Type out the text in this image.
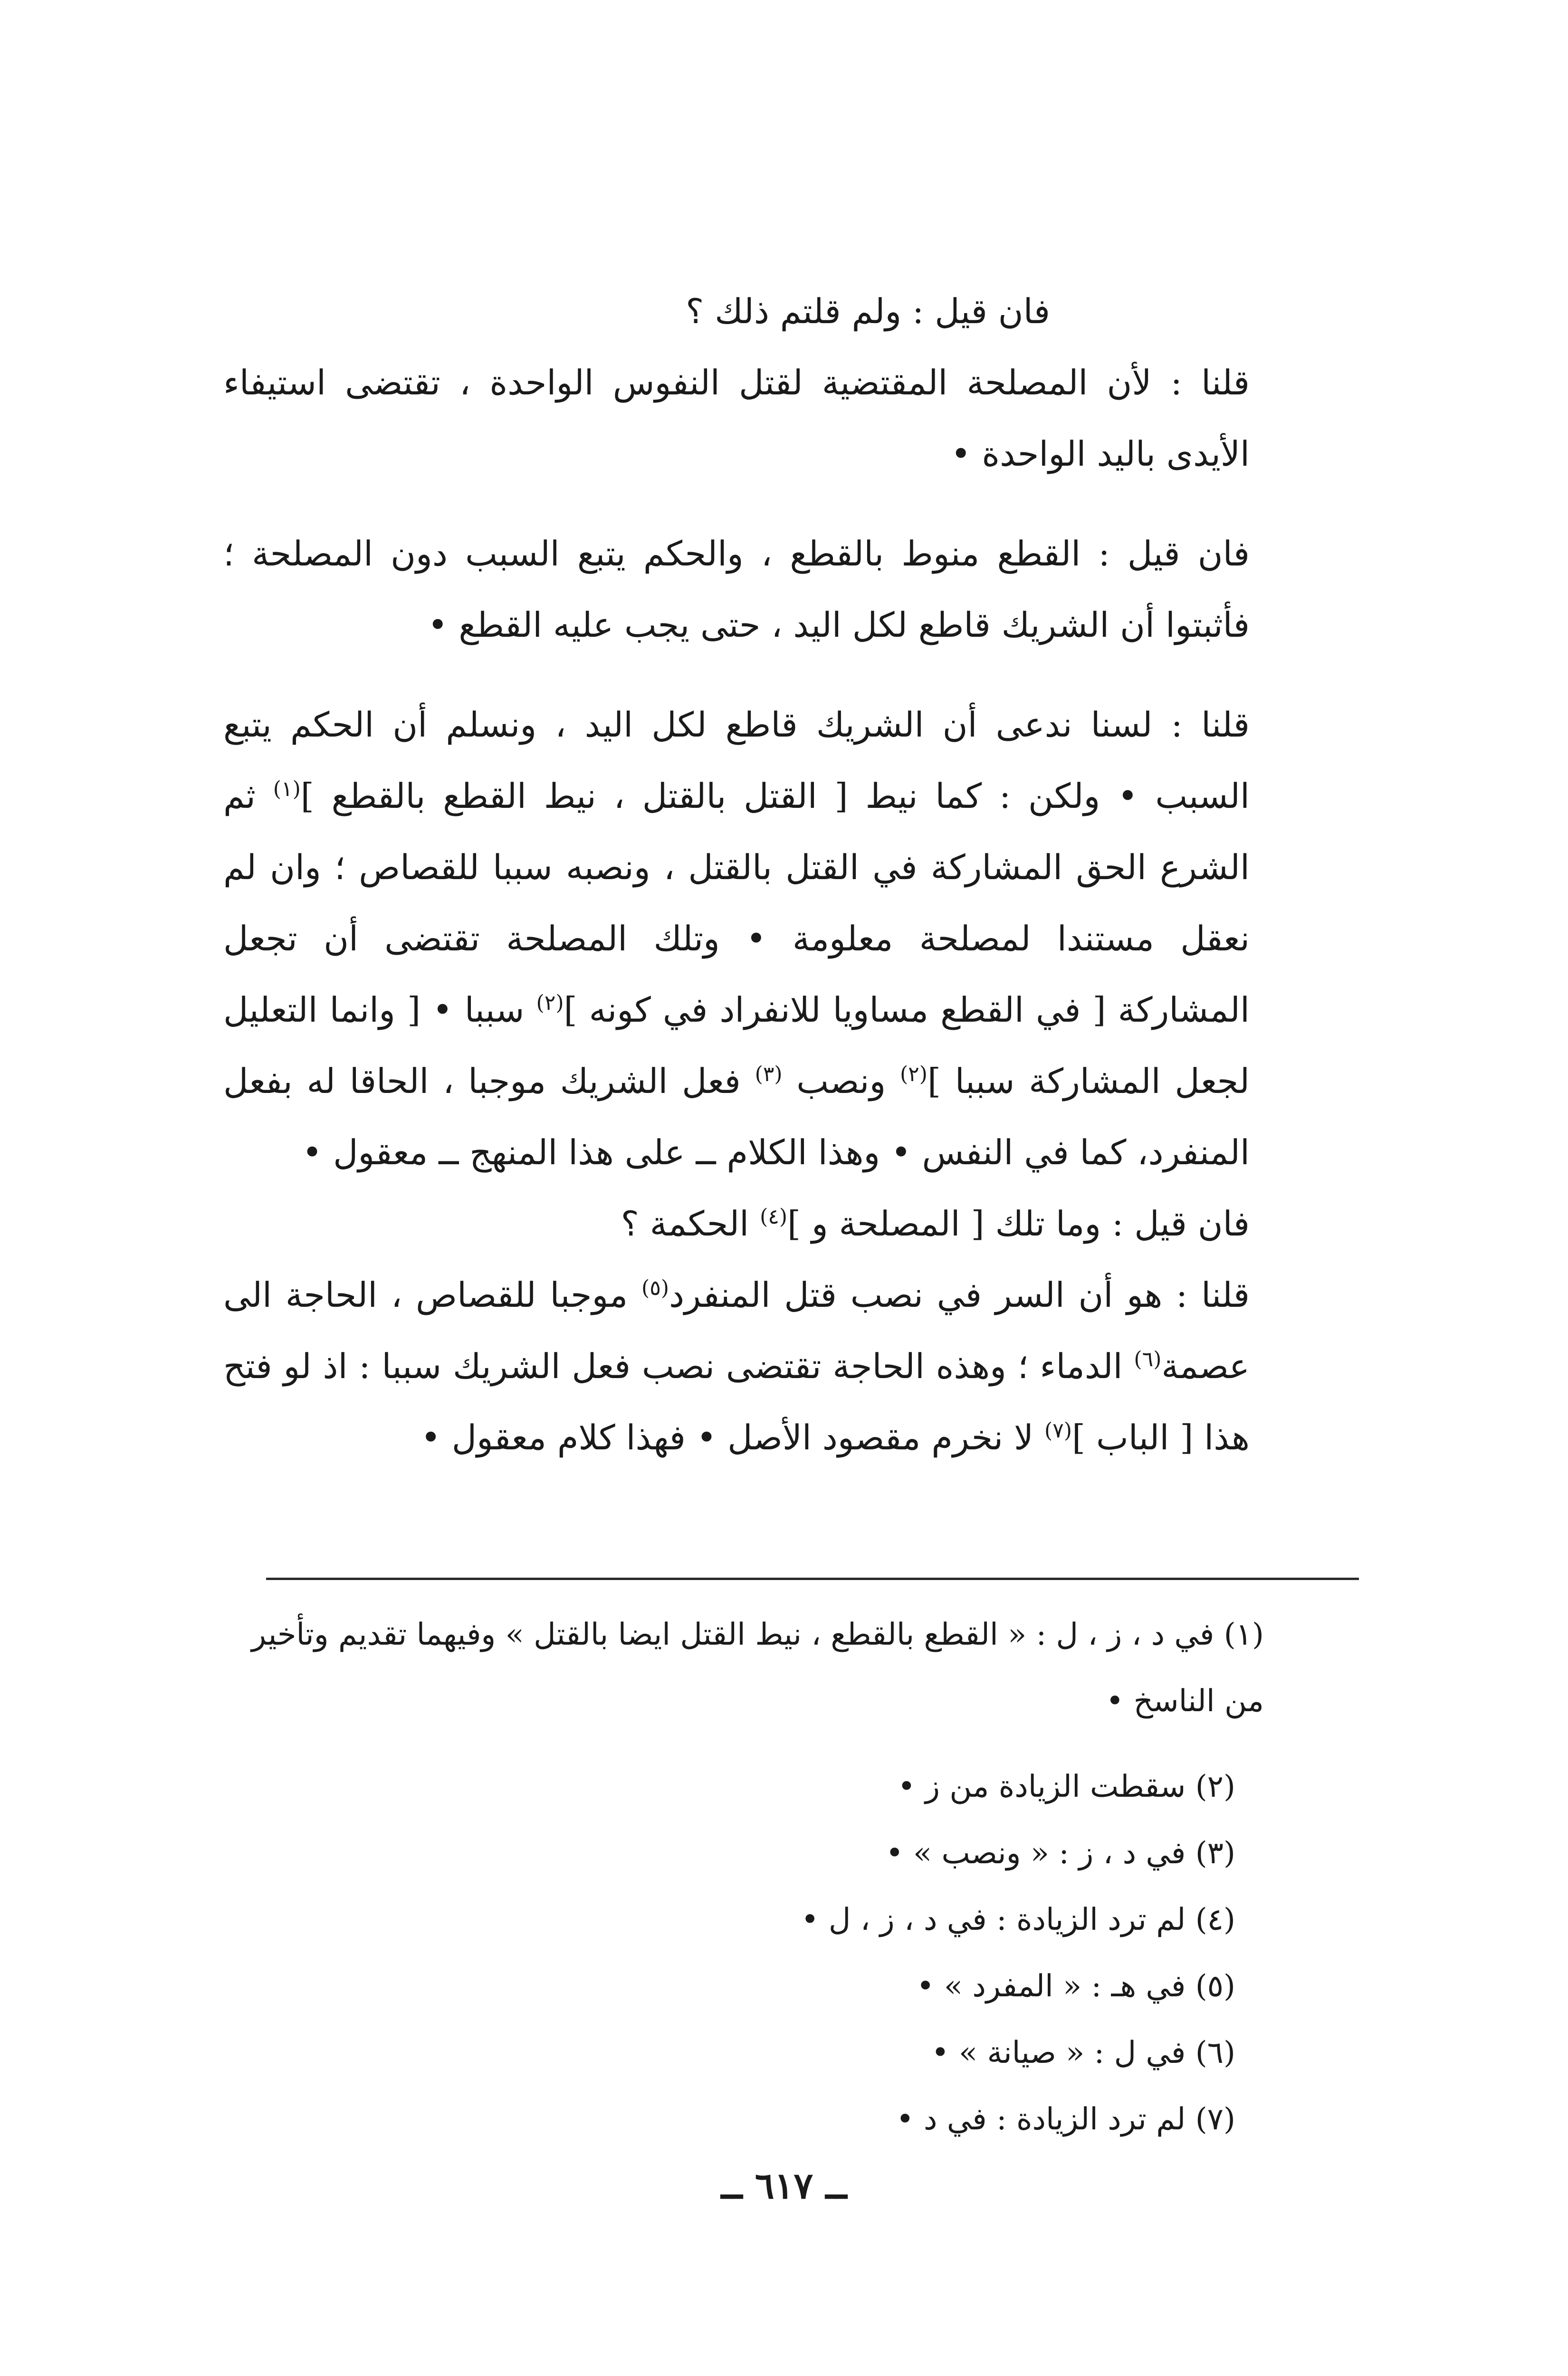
فان قيل : ولم قلتم ذلك ؟

قلنا : لأن المصلحة المقتضية لقتل النفوس الواحدة ، تقتضى استيفاء الأيدى باليد الواحدة •

فان قيل : القطع منوط بالقطع ، والحكم يتبع السبب دون المصلحة ؛ فأثبتوا أن الشريك قاطع لكل اليد ، حتى يجب عليه القطع •

قلنا : لسنا ندعى أن الشريك قاطع لكل اليد ، ونسلم أن الحكم يتبع السبب • ولكن : كما نيط [ القتل بالقتل ، نيط القطع بالقطع ]$^{(١)}$ ثم الشرع الحق المشاركة في القتل بالقتل ، ونصبه سببا للقصاص ؛ وان لم نعقل مستندا لمصلحة معلومة • وتلك المصلحة تقتضى أن تجعل المشاركة [ في القطع مساويا للانفراد في كونه ]$^{(٢)}$ سببا • [ وانما التعليل لجعل المشاركة سببا ]$^{(٢)}$ ونصب $^{(٣)}$ فعل الشريك موجبا ، الحاقا له بفعل المنفرد، كما في النفس • وهذا الكلام ــ على هذا المنهج ــ معقول •

فان قيل : وما تلك [ المصلحة و ]$^{(٤)}$ الحكمة ؟

قلنا : هو أن السر في نصب قتل المنفرد$^{(٥)}$ موجبا للقصاص ، الحاجة الى عصمة$^{(٦)}$ الدماء ؛ وهذه الحاجة تقتضى نصب فعل الشريك سببا : اذ لو فتح هذا [ الباب ]$^{(٧)}$ لا نخرم مقصود الأصل • فهذا كلام معقول •

(١) في د ، ز ، ل : « القطع بالقطع ، نيط القتل ايضا بالقتل » وفيهما تقديم وتأخير من الناسخ •

(٢) سقطت الزيادة من ز •

(٣) في د ، ز : « ونصب » •

(٤) لم ترد الزيادة : في د ، ز ، ل •

(٥) في هـ : « المفرد » •

(٦) في ل : « صيانة » •

(٧) لم ترد الزيادة : في د •

ــ ٦١٧ ــ
